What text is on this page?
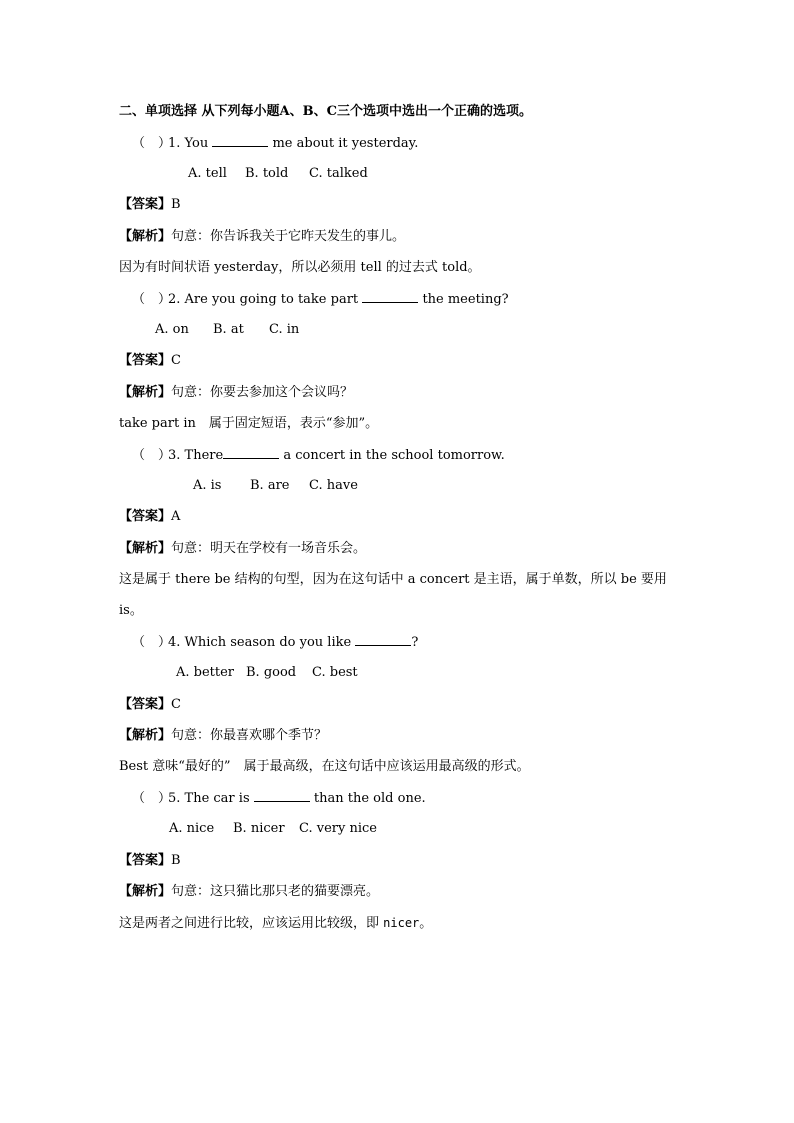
二、单项选择 从下列每小题A、B、C三个选项中选出一个正确的选项。
（　）1. You	me about it yesterday.
A. tell B. told C. talked
【答案】B
【解析】句意：你告诉我关于它昨天发生的事儿。
因为有时间状语 yesterday，所以必须用 tell 的过去式 told。
（　）2. Are you going to take part	the meeting?
A. on B. at C. in
【答案】C
【解析】句意：你要去参加这个会议吗？
take part in　属于固定短语，表示“参加”。
（　）3. There	a concert in the school tomorrow.
A. is B. are C. have
【答案】A
【解析】句意：明天在学校有一场音乐会。
这是属于 there be 结构的句型，因为在这句话中 a concert 是主语，属于单数，所以 be 要用
is。
（　）4. Which season do you like	?
A. better B. good C. best
【答案】C
【解析】句意：你最喜欢哪个季节？
Best 意味“最好的”　属于最高级，在这句话中应该运用最高级的形式。
（　）5. The car is	than the old one.
A. nice B. nicer C. very nice
【答案】B
【解析】句意：这只猫比那只老的猫要漂亮。
这是两者之间进行比较，应该运用比较级，即 nicer。
